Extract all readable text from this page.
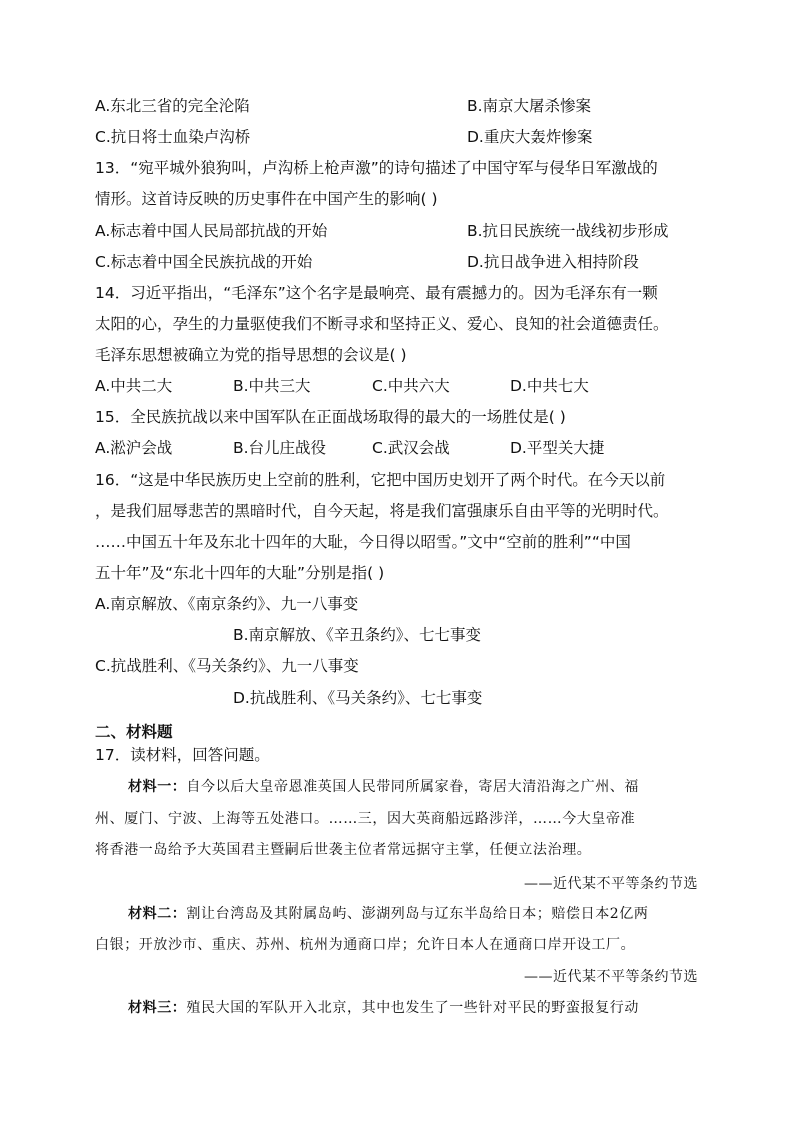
A.东北三省的完全沦陷	B.南京大屠杀惨案
C.抗日将士血染卢沟桥	D.重庆大轰炸惨案
13．“宛平城外狼狗叫，卢沟桥上枪声激”的诗句描述了中国守军与侵华日军激战的
情形。这首诗反映的历史事件在中国产生的影响( )
A.标志着中国人民局部抗战的开始	B.抗日民族统一战线初步形成
C.标志着中国全民族抗战的开始	D.抗日战争进入相持阶段
14．习近平指出，“毛泽东”这个名字是最响亮、最有震撼力的。因为毛泽东有一颗
太阳的心，孕生的力量驱使我们不断寻求和坚持正义、爱心、良知的社会道德责任。
毛泽东思想被确立为党的指导思想的会议是( )
A.中共二大	B.中共三大	C.中共六大	D.中共七大
15．全民族抗战以来中国军队在正面战场取得的最大的一场胜仗是( )
A.淞沪会战	B.台儿庄战役	C.武汉会战	D.平型关大捷
16．“这是中华民族历史上空前的胜利，它把中国历史划开了两个时代。在今天以前
，是我们屈辱悲苦的黑暗时代，自今天起，将是我们富强康乐自由平等的光明时代。
……中国五十年及东北十四年的大耻，今日得以昭雪。”文中“空前的胜利”“中国
五十年”及“东北十四年的大耻”分别是指( )
A.南京解放、《南京条约》、九一八事变
B.南京解放、《辛丑条约》、七七事变
C.抗战胜利、《马关条约》、九一八事变
D.抗战胜利、《马关条约》、七七事变
二、材料题
17．读材料，回答问题。
材料一：自今以后大皇帝恩准英国人民带同所属家眷，寄居大清沿海之广州、福
州、厦门、宁波、上海等五处港口。……三，因大英商船远路涉洋，……今大皇帝准
将香港一岛给予大英国君主暨嗣后世袭主位者常远据守主掌，任便立法治理。
——近代某不平等条约节选
材料二：割让台湾岛及其附属岛屿、澎湖列岛与辽东半岛给日本；赔偿日本2亿两
白银；开放沙市、重庆、苏州、杭州为通商口岸；允许日本人在通商口岸开设工厂。
——近代某不平等条约节选
材料三：殖民大国的军队开入北京，其中也发生了一些针对平民的野蛮报复行动
